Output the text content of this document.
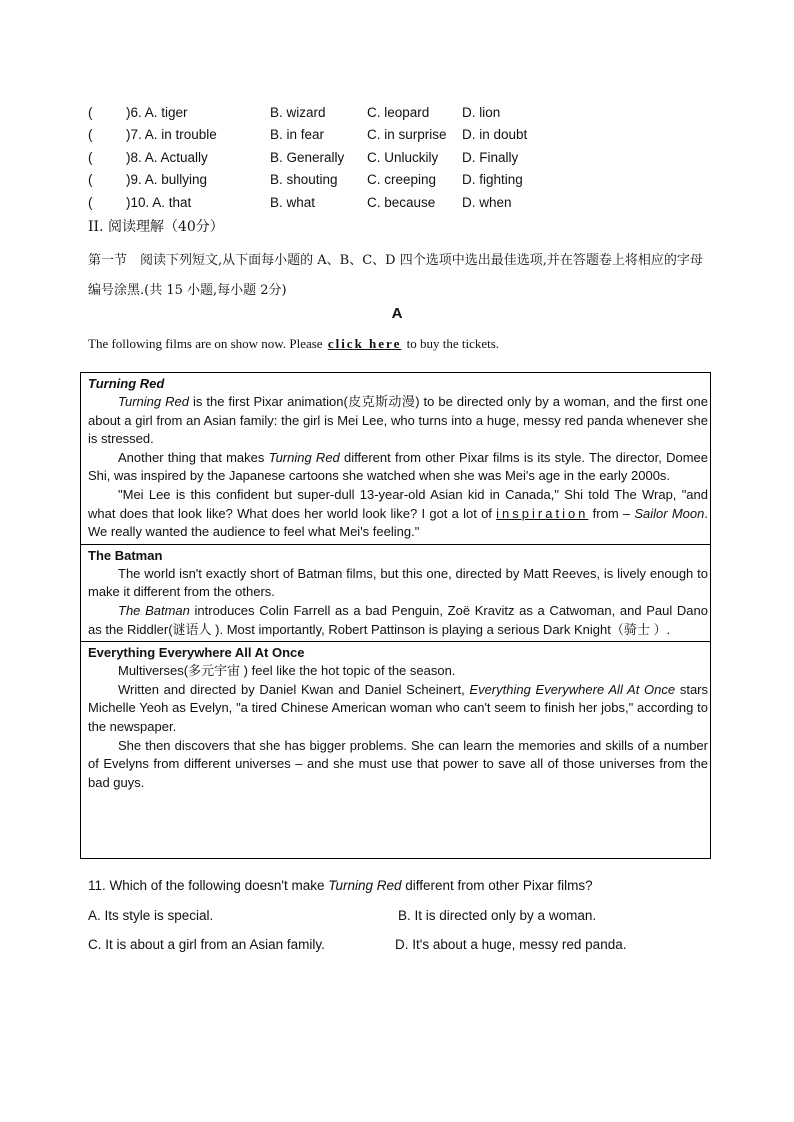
( )6. A. tiger	B. wizard	C. leopard D. lion
( )7. A. in trouble	B. in fear	C. in surprise D. in doubt
( )8. A. Actually	B. Generally C. Unluckily D. Finally
( )9. A. bullying	B. shouting C. creeping D. fighting
( )10. A. that	B. what	C. because D. when
II. 阅读理解（40分）
第一节　阅读下列短文,从下面每小题的 A、B、C、D 四个选项中选出最佳选项,并在答题卷上将相应的字母编号涂黑.(共 15 小题,每小题 2分)
A
The following films are on show now. Please click here to buy the tickets.
Turning Red

Turning Red is the first Pixar animation(皮克斯动漫) to be directed only by a woman, and the first one about a girl from an Asian family: the girl is Mei Lee, who turns into a huge, messy red panda whenever she is stressed.

Another thing that makes Turning Red different from other Pixar films is its style. The director, Domee Shi, was inspired by the Japanese cartoons she watched when she was Mei's age in the early 2000s.

"Mei Lee is this confident but super-dull 13-year-old Asian kid in Canada," Shi told The Wrap, "and what does that look like? What does her world look like? I got a lot of inspiration from – Sailor Moon. We really wanted the audience to feel what Mei's feeling."

The Batman

The world isn't exactly short of Batman films, but this one, directed by Matt Reeves, is lively enough to make it different from the others.

The Batman introduces Colin Farrell as a bad Penguin, Zoë Kravitz as a Catwoman, and Paul Dano as the Riddler(谜语人 ). Most importantly, Robert Pattinson is playing a serious Dark Knight（骑士 ）.

Everything Everywhere All At Once

Multiverses(多元宇宙 ) feel like the hot topic of the season.

Written and directed by Daniel Kwan and Daniel Scheinert, Everything Everywhere All At Once stars Michelle Yeoh as Evelyn, "a tired Chinese American woman who can't seem to finish her jobs," according to the newspaper.

She then discovers that she has bigger problems. She can learn the memories and skills of a number of Evelyns from different universes – and she must use that power to save all of those universes from the bad guys.

11. Which of the following doesn't make Turning Red different from other Pixar films?
A. Its style is special.	B. It is directed only by a woman.
C. It is about a girl from an Asian family.	D. It's about a huge, messy red panda.
